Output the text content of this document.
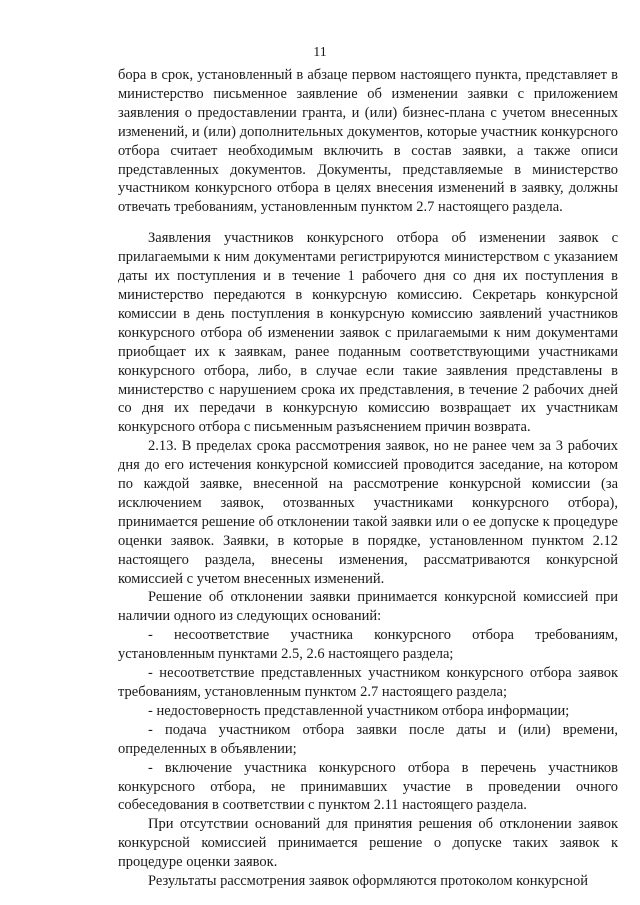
11

бора в срок, установленный в абзаце первом настоящего пункта, представляет в министерство письменное заявление об изменении заявки с приложением заявления о предоставлении гранта, и (или) бизнес-плана с учетом внесенных изменений, и (или) дополнительных документов, которые участник конкурсного отбора считает необходимым включить в состав заявки, а также описи представленных документов. Документы, представляемые в министерство участником конкурсного отбора в целях внесения изменений в заявку, должны отвечать требованиям, установленным пунктом 2.7 настоящего раздела.

Заявления участников конкурсного отбора об изменении заявок с прилагаемыми к ним документами регистрируются министерством с указанием даты их поступления и в течение 1 рабочего дня со дня их поступления в министерство передаются в конкурсную комиссию. Секретарь конкурсной комиссии в день поступления в конкурсную комиссию заявлений участников конкурсного отбора об изменении заявок с прилагаемыми к ним документами приобщает их к заявкам, ранее поданным соответствующими участниками конкурсного отбора, либо, в случае если такие заявления представлены в министерство с нарушением срока их представления, в течение 2 рабочих дней со дня их передачи в конкурсную комиссию возвращает их участникам конкурсного отбора с письменным разъяснением причин возврата.

2.13. В пределах срока рассмотрения заявок, но не ранее чем за 3 рабочих дня до его истечения конкурсной комиссией проводится заседание, на котором по каждой заявке, внесенной на рассмотрение конкурсной комиссии (за исключением заявок, отозванных участниками конкурсного отбора), принимается решение об отклонении такой заявки или о ее допуске к процедуре оценки заявок. Заявки, в которые в порядке, установленном пунктом 2.12 настоящего раздела, внесены изменения, рассматриваются конкурсной комиссией с учетом внесенных изменений.

Решение об отклонении заявки принимается конкурсной комиссией при наличии одного из следующих оснований:

- несоответствие участника конкурсного отбора требованиям, установленным пунктами 2.5, 2.6 настоящего раздела;

- несоответствие представленных участником конкурсного отбора заявок требованиям, установленным пунктом 2.7 настоящего раздела;

- недостоверность представленной участником отбора информации;

- подача участником отбора заявки после даты и (или) времени, определенных в объявлении;

- включение участника конкурсного отбора в перечень участников конкурсного отбора, не принимавших участие в проведении очного собеседования в соответствии с пунктом 2.11 настоящего раздела.

При отсутствии оснований для принятия решения об отклонении заявок конкурсной комиссией принимается решение о допуске таких заявок к процедуре оценки заявок.

Результаты рассмотрения заявок оформляются протоколом конкурсной
